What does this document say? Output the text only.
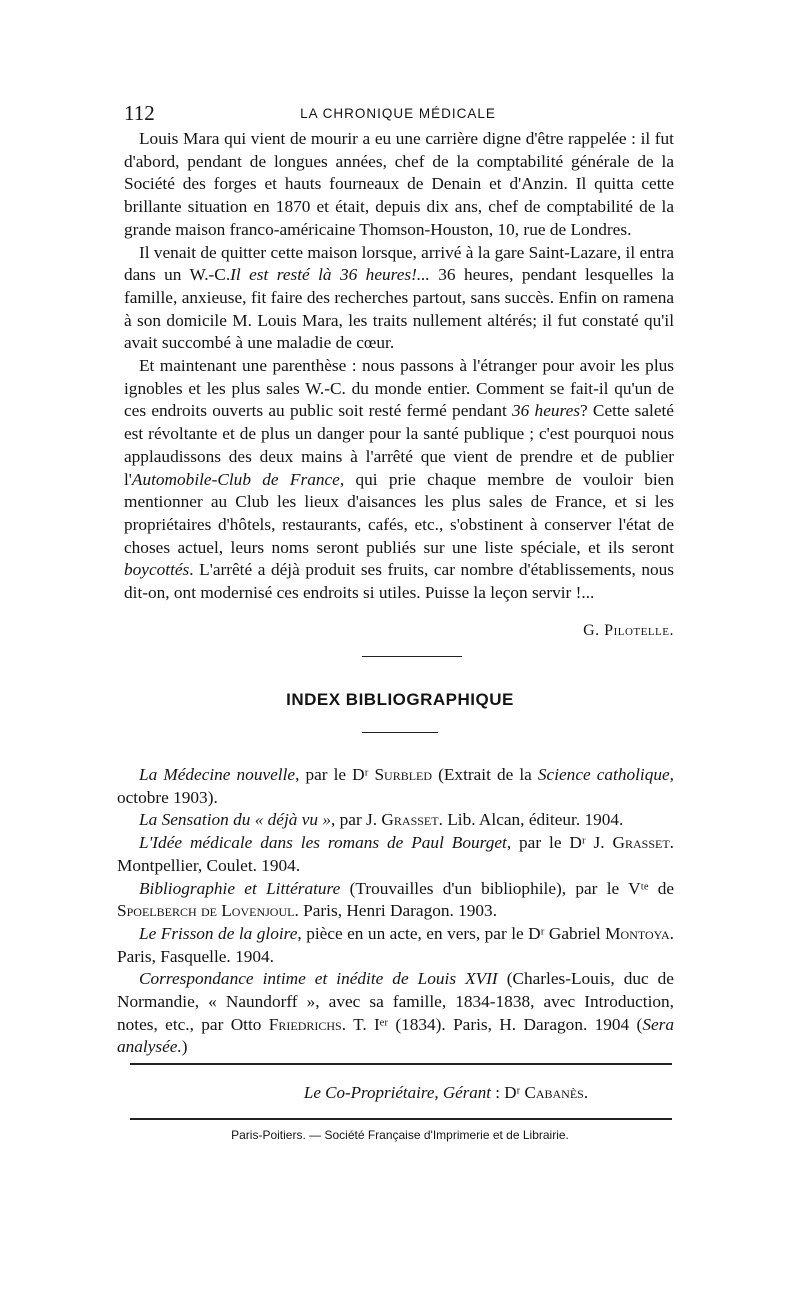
112	LA CHRONIQUE MÉDICALE

Louis Mara qui vient de mourir a eu une carrière digne d'être rappelée : il fut d'abord, pendant de longues années, chef de la comptabilité générale de la Société des forges et hauts fourneaux de Denain et d'Anzin. Il quitta cette brillante situation en 1870 et était, depuis dix ans, chef de comptabilité de la grande maison franco-américaine Thomson-Houston, 10, rue de Londres.

Il venait de quitter cette maison lorsque, arrivé à la gare Saint-Lazare, il entra dans un W.-C.Il est resté là 36 heures!... 36 heures, pendant lesquelles la famille, anxieuse, fit faire des recherches partout, sans succès. Enfin on ramena à son domicile M. Louis Mara, les traits nullement altérés; il fut constaté qu'il avait succombé à une maladie de cœur.

Et maintenant une parenthèse : nous passons à l'étranger pour avoir les plus ignobles et les plus sales W.-C. du monde entier. Comment se fait-il qu'un de ces endroits ouverts au public soit resté fermé pendant 36 heures? Cette saleté est révoltante et de plus un danger pour la santé publique ; c'est pourquoi nous applaudissons des deux mains à l'arrêté que vient de prendre et de publier l'Automobile-Club de France, qui prie chaque membre de vouloir bien mentionner au Club les lieux d'aisances les plus sales de France, et si les propriétaires d'hôtels, restaurants, cafés, etc., s'obstinent à conserver l'état de choses actuel, leurs noms seront publiés sur une liste spéciale, et ils seront boycottés. L'arrêté a déjà produit ses fruits, car nombre d'établissements, nous dit-on, ont modernisé ces endroits si utiles. Puisse la leçon servir !...

G. Pilotelle.
INDEX BIBLIOGRAPHIQUE

La Médecine nouvelle, par le Dʳ Surbled (Extrait de la Science catholique, octobre 1903).

La Sensation du « déjà vu », par J. Grasset. Lib. Alcan, éditeur. 1904.

L'Idée médicale dans les romans de Paul Bourget, par le Dʳ J. Grasset. Montpellier, Coulet. 1904.

Bibliographie et Littérature (Trouvailles d'un bibliophile), par le Vᵗᵉ de Spoelberch de Lovenjoul. Paris, Henri Daragon. 1903.

Le Frisson de la gloire, pièce en un acte, en vers, par le Dʳ Gabriel Montoya. Paris, Fasquelle. 1904.

Correspondance intime et inédite de Louis XVII (Charles-Louis, duc de Normandie, « Naundorff », avec sa famille, 1834-1838, avec Introduction, notes, etc., par Otto Friedrichs. T. Iᵉʳ (1834). Paris, H. Daragon. 1904 (Sera analysée.)

Le Co-Propriétaire, Gérant : Dʳ Cabanès.
Paris-Poitiers. — Société Française d'Imprimerie et de Librairie.
